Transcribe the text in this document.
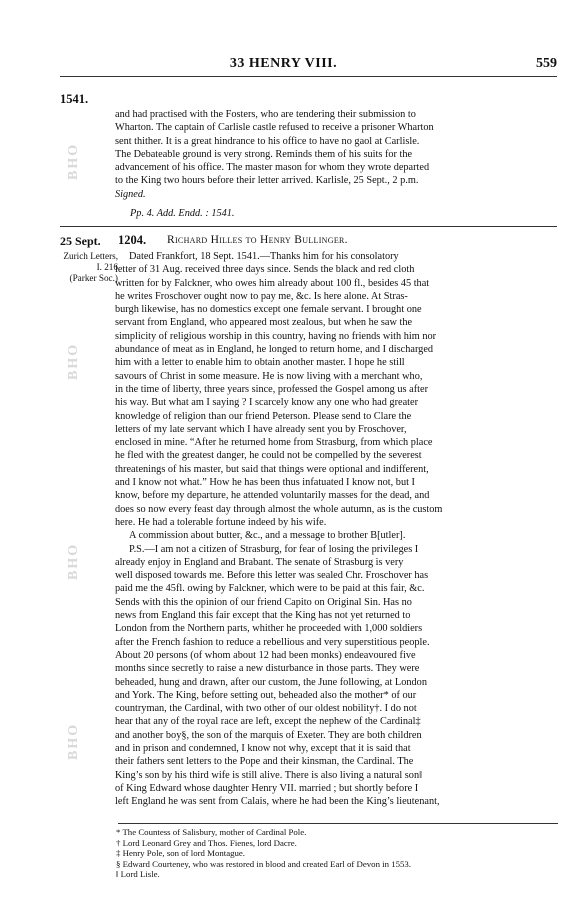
33 HENRY VIII.	559
1541.

and had practised with the Fosters, who are tendering their submission to

Wharton. The captain of Carlisle castle refused to receive a prisoner Wharton

sent thither. It is a great hindrance to his office to have no gaol at Carlisle.

The Debateable ground is very strong. Reminds them of his suits for the

advancement of his office. The master mason for whom they wrote departed

to the King two hours before their letter arrived. Karlisle, 25 Sept., 2 p.m.

Signed.

Pp. 4. Add. Endd. : 1541.
25 Sept. 1204. Richard Hilles to Henry Bullinger.
Zurich Letters,
I. 216
(Parker Soc.)

Dated Frankfort, 18 Sept. 1541.—Thanks him for his consolatory

letter of 31 Aug. received three days since. Sends the black and red cloth

written for by Falckner, who owes him already about 100 fl., besides 45 that

he writes Froschover ought now to pay me, &c. Is here alone. At Stras-

burgh likewise, has no domestics except one female servant. I brought one

servant from England, who appeared most zealous, but when he saw the

simplicity of religious worship in this country, having no friends with him nor

abundance of meat as in England, he longed to return home, and I discharged

him with a letter to enable him to obtain another master. I hope he still

savours of Christ in some measure. He is now living with a merchant who,

in the time of liberty, three years since, professed the Gospel among us after

his way. But what am I saying ? I scarcely know any one who had greater

knowledge of religion than our friend Peterson. Please send to Clare the

letters of my late servant which I have already sent you by Froschover,

enclosed in mine. “After he returned home from Strasburg, from which place

he fled with the greatest danger, he could not be compelled by the severest

threatenings of his master, but said that things were optional and indifferent,

and I know not what.” How he has been thus infatuated I know not, but I

know, before my departure, he attended voluntarily masses for the dead, and

does so now every feast day through almost the whole autumn, as is the custom

here. He had a tolerable fortune indeed by his wife.

A commission about butter, &c., and a message to brother B[utler].

P.S.—I am not a citizen of Strasburg, for fear of losing the privileges I

already enjoy in England and Brabant. The senate of Strasburg is very

well disposed towards me. Before this letter was sealed Chr. Froschover has

paid me the 45fl. owing by Falckner, which were to be paid at this fair, &c.

Sends with this the opinion of our friend Capito on Original Sin. Has no

news from England this fair except that the King has not yet returned to

London from the Northern parts, whither he proceeded with 1,000 soldiers

after the French fashion to reduce a rebellious and very superstitious people.

About 20 persons (of whom about 12 had been monks) endeavoured five

months since secretly to raise a new disturbance in those parts. They were

beheaded, hung and drawn, after our custom, the June following, at London

and York. The King, before setting out, beheaded also the mother* of our

countryman, the Cardinal, with two other of our oldest nobility†. I do not

hear that any of the royal race are left, except the nephew of the Cardinal‡

and another boy§, the son of the marquis of Exeter. They are both children

and in prison and condemned, I know not why, except that it is said that

their fathers sent letters to the Pope and their kinsman, the Cardinal. The

King’s son by his third wife is still alive. There is also living a natural son‖

of King Edward whose daughter Henry VII. married ; but shortly before I

left England he was sent from Calais, where he had been the King’s lieutenant,

* The Countess of Salisbury, mother of Cardinal Pole.
† Lord Leonard Grey and Thos. Fienes, lord Dacre.
‡ Henry Pole, son of lord Montague.
§ Edward Courteney, who was restored in blood and created Earl of Devon in 1553.
‖ Lord Lisle.
BHO
BHO
BHO
BHO
